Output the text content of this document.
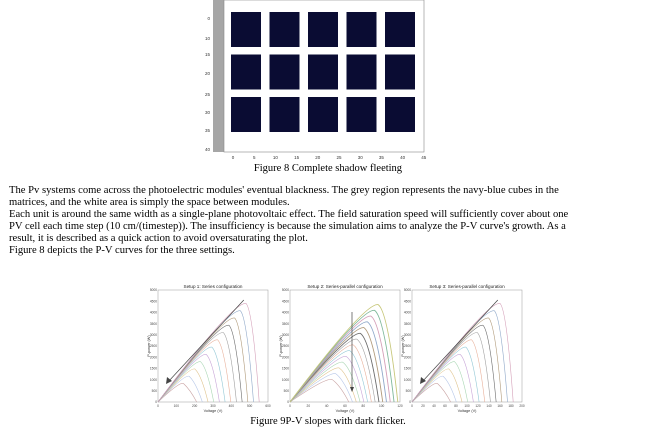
0
10
15
20
25
30
35
40
0	5	10	15	20	25	30	35	40	45
Figure 8 Complete shadow fleeting
The Pv systems come across the photoelectric modules' eventual blackness. The grey region represents the navy-blue cubes in the
matrices, and the white area is simply the space between modules.
Each unit is around the same width as a single-plane photovoltaic effect. The field saturation speed will sufficiently cover about one
PV cell each time step (10 cm/(timestep)). The insufficiency is because the simulation aims to analyze the P-V curve's growth. As a
result, it is described as a quick action to avoid oversaturating the plot.
Figure 8 depicts the P-V curves for the three settings.
Setup 1: Series configuration
P-power (W)
Voltage (V)
0
500
1000
1500
2000
2500
3000
3500
4000
4500
5000
0	100	200	300	400	500	600
Setup 2: Series-parallel configuration
P-power (W)
Voltage (V)
0
500
1000
1500
2000
2500
3000
3500
4000
4500
5000
0	20	40	60	80	100	120
Setup 3: Series-parallel configuration
P-power (W)
Voltage (V)
0
500
1000
1500
2000
2500
3000
3500
4000
4500
5000
0	20 40 60 80 100 120 140 160 180 200
Figure 9P-V slopes with dark flicker.
